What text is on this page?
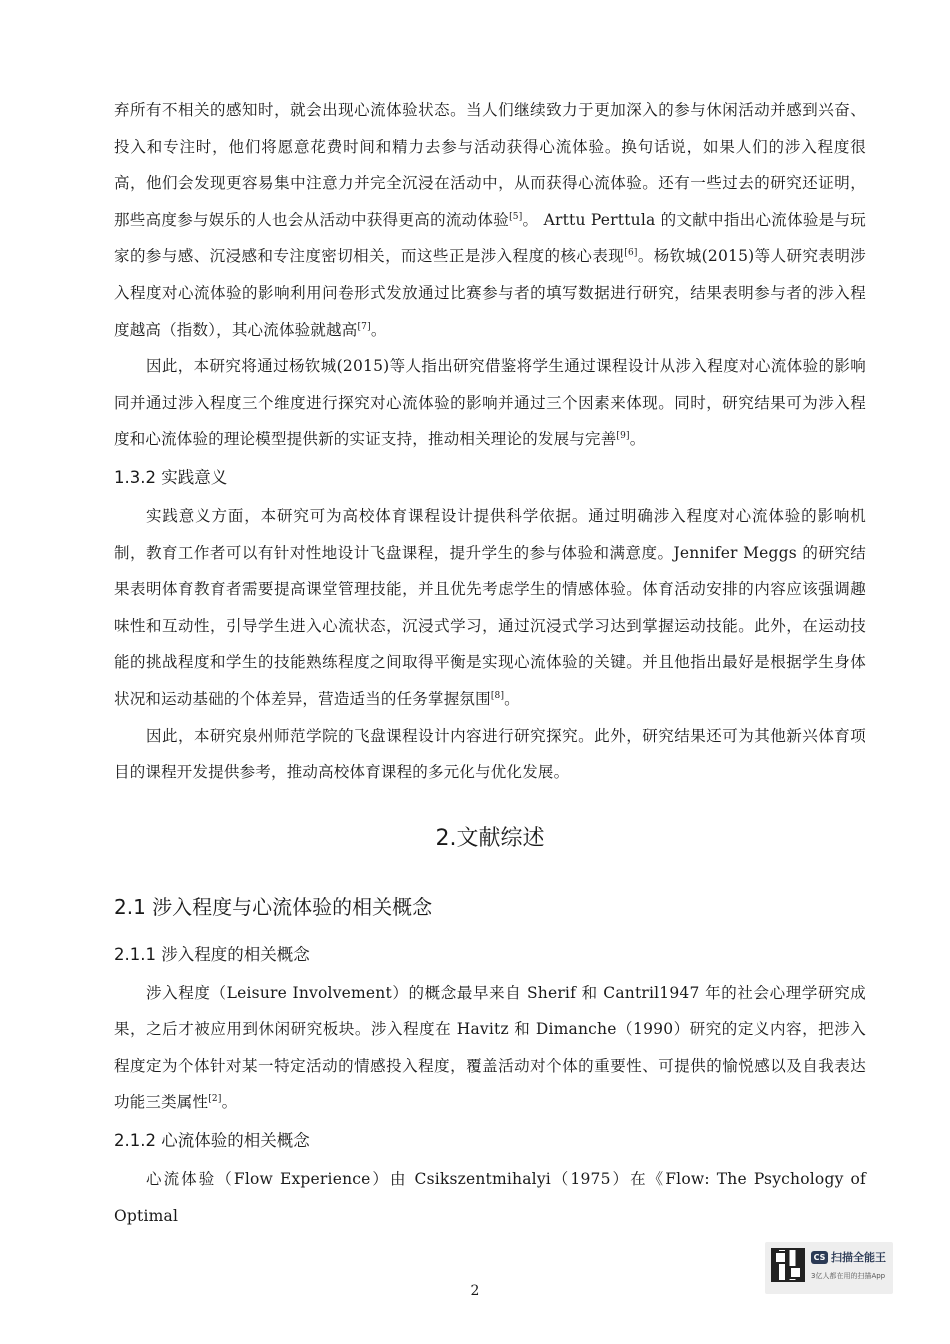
弃所有不相关的感知时，就会出现心流体验状态。当人们继续致力于更加深入的参与休闲活动并感到兴奋、投入和专注时，他们将愿意花费时间和精力去参与活动获得心流体验。换句话说，如果人们的涉入程度很高，他们会发现更容易集中注意力并完全沉浸在活动中，从而获得心流体验。还有一些过去的研究还证明，那些高度参与娱乐的人也会从活动中获得更高的流动体验[5]。 Arttu Perttula 的文献中指出心流体验是与玩家的参与感、沉浸感和专注度密切相关，而这些正是涉入程度的核心表现[6]。杨钦城(2015)等人研究表明涉入程度对心流体验的影响利用问卷形式发放通过比赛参与者的填写数据进行研究，结果表明参与者的涉入程度越高（指数），其心流体验就越高[7]。

因此，本研究将通过杨钦城(2015)等人指出研究借鉴将学生通过课程设计从涉入程度对心流体验的影响同并通过涉入程度三个维度进行探究对心流体验的影响并通过三个因素来体现。同时，研究结果可为涉入程度和心流体验的理论模型提供新的实证支持，推动相关理论的发展与完善[9]。

1.3.2 实践意义

实践意义方面，本研究可为高校体育课程设计提供科学依据。通过明确涉入程度对心流体验的影响机制，教育工作者可以有针对性地设计飞盘课程，提升学生的参与体验和满意度。Jennifer Meggs 的研究结果表明体育教育者需要提高课堂管理技能，并且优先考虑学生的情感体验。体育活动安排的内容应该强调趣味性和互动性，引导学生进入心流状态，沉浸式学习，通过沉浸式学习达到掌握运动技能。此外，在运动技能的挑战程度和学生的技能熟练程度之间取得平衡是实现心流体验的关键。并且他指出最好是根据学生身体状况和运动基础的个体差异，营造适当的任务掌握氛围[8]。

因此，本研究泉州师范学院的飞盘课程设计内容进行研究探究。此外，研究结果还可为其他新兴体育项目的课程开发提供参考，推动高校体育课程的多元化与优化发展。

2.文献综述
2.1 涉入程度与心流体验的相关概念
2.1.1 涉入程度的相关概念

涉入程度（Leisure Involvement）的概念最早来自 Sherif 和 Cantril1947 年的社会心理学研究成果，之后才被应用到休闲研究板块。涉入程度在 Havitz 和 Dimanche（1990）研究的定义内容，把涉入程度定为个体针对某一特定活动的情感投入程度，覆盖活动对个体的重要性、可提供的愉悦感以及自我表达功能三类属性[2]。

2.1.2 心流体验的相关概念

心流体验（Flow Experience）由 Csikszentmihalyi（1975）在《Flow: The Psychology of Optimal

CS 扫描全能王
3亿人都在用的扫描App
2
